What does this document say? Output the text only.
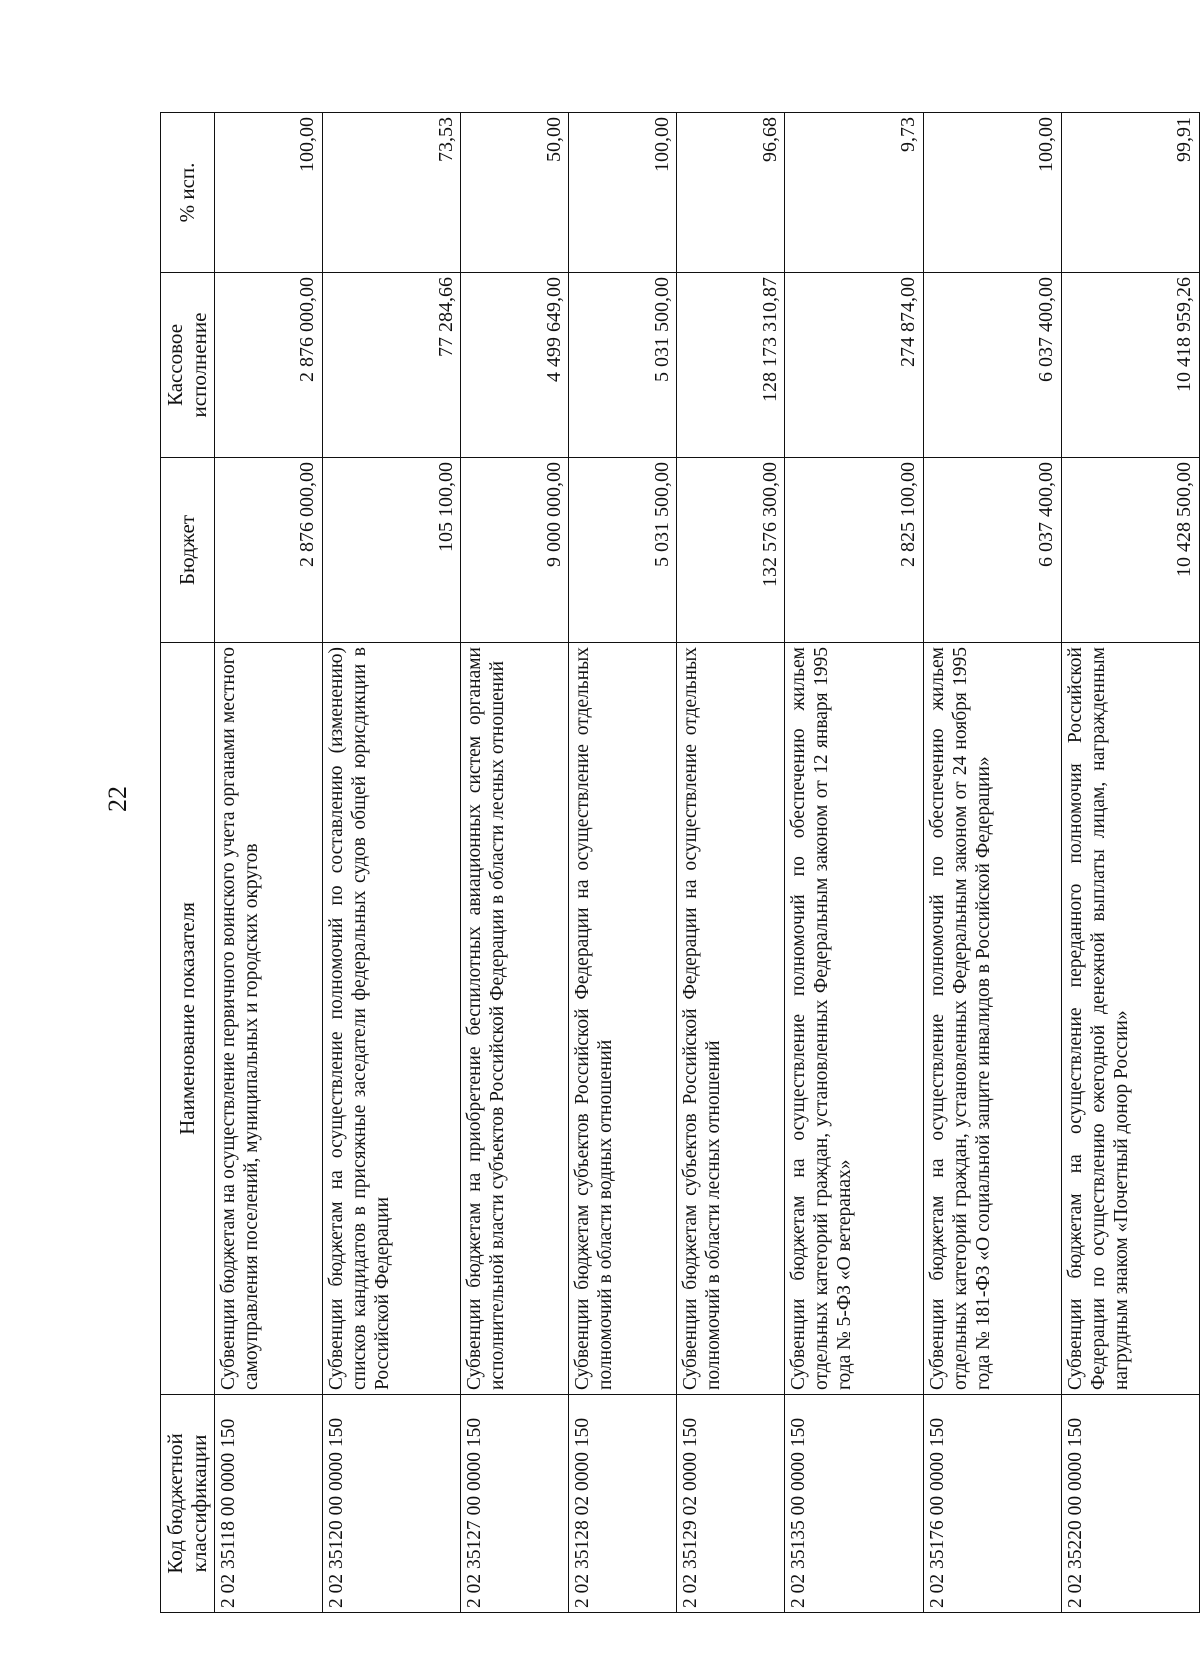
22
Код бюджетной классификации	Наименование показателя	Бюджет	Кассовое исполнение	% исп.
2 02 35118 00 0000 150	Субвенции бюджетам на осуществление первичного воинского учета органами местного самоуправления поселений, муниципальных и городских округов	2 876 000,00	2 876 000,00	100,00
2 02 35120 00 0000 150	Субвенции бюджетам на осуществление полномочий по составлению (изменению) списков кандидатов в присяжные заседатели федеральных судов общей юрисдикции в Российской Федерации	105 100,00	77 284,66	73,53
2 02 35127 00 0000 150	Субвенции бюджетам на приобретение беспилотных авиационных систем органами исполнительной власти субъектов Российской Федерации в области лесных отношений	9 000 000,00	4 499 649,00	50,00
2 02 35128 02 0000 150	Субвенции бюджетам субъектов Российской Федерации на осуществление отдельных полномочий в области водных отношений	5 031 500,00	5 031 500,00	100,00
2 02 35129 02 0000 150	Субвенции бюджетам субъектов Российской Федерации на осуществление отдельных полномочий в области лесных отношений	132 576 300,00	128 173 310,87	96,68
2 02 35135 00 0000 150	Субвенции бюджетам на осуществление полномочий по обеспечению жильем отдельных категорий граждан, установленных Федеральным законом от 12 января 1995 года № 5-ФЗ «О ветеранах»	2 825 100,00	274 874,00	9,73
2 02 35176 00 0000 150	Субвенции бюджетам на осуществление полномочий по обеспечению жильем отдельных категорий граждан, установленных Федеральным законом от 24 ноября 1995 года № 181-ФЗ «О социальной защите инвалидов в Российской Федерации»	6 037 400,00	6 037 400,00	100,00
2 02 35220 00 0000 150	Субвенции бюджетам на осуществление переданного полномочия Российской Федерации по осуществлению ежегодной денежной выплаты лицам, награжденным нагрудным знаком «Почетный донор России»	10 428 500,00	10 418 959,26	99,91
